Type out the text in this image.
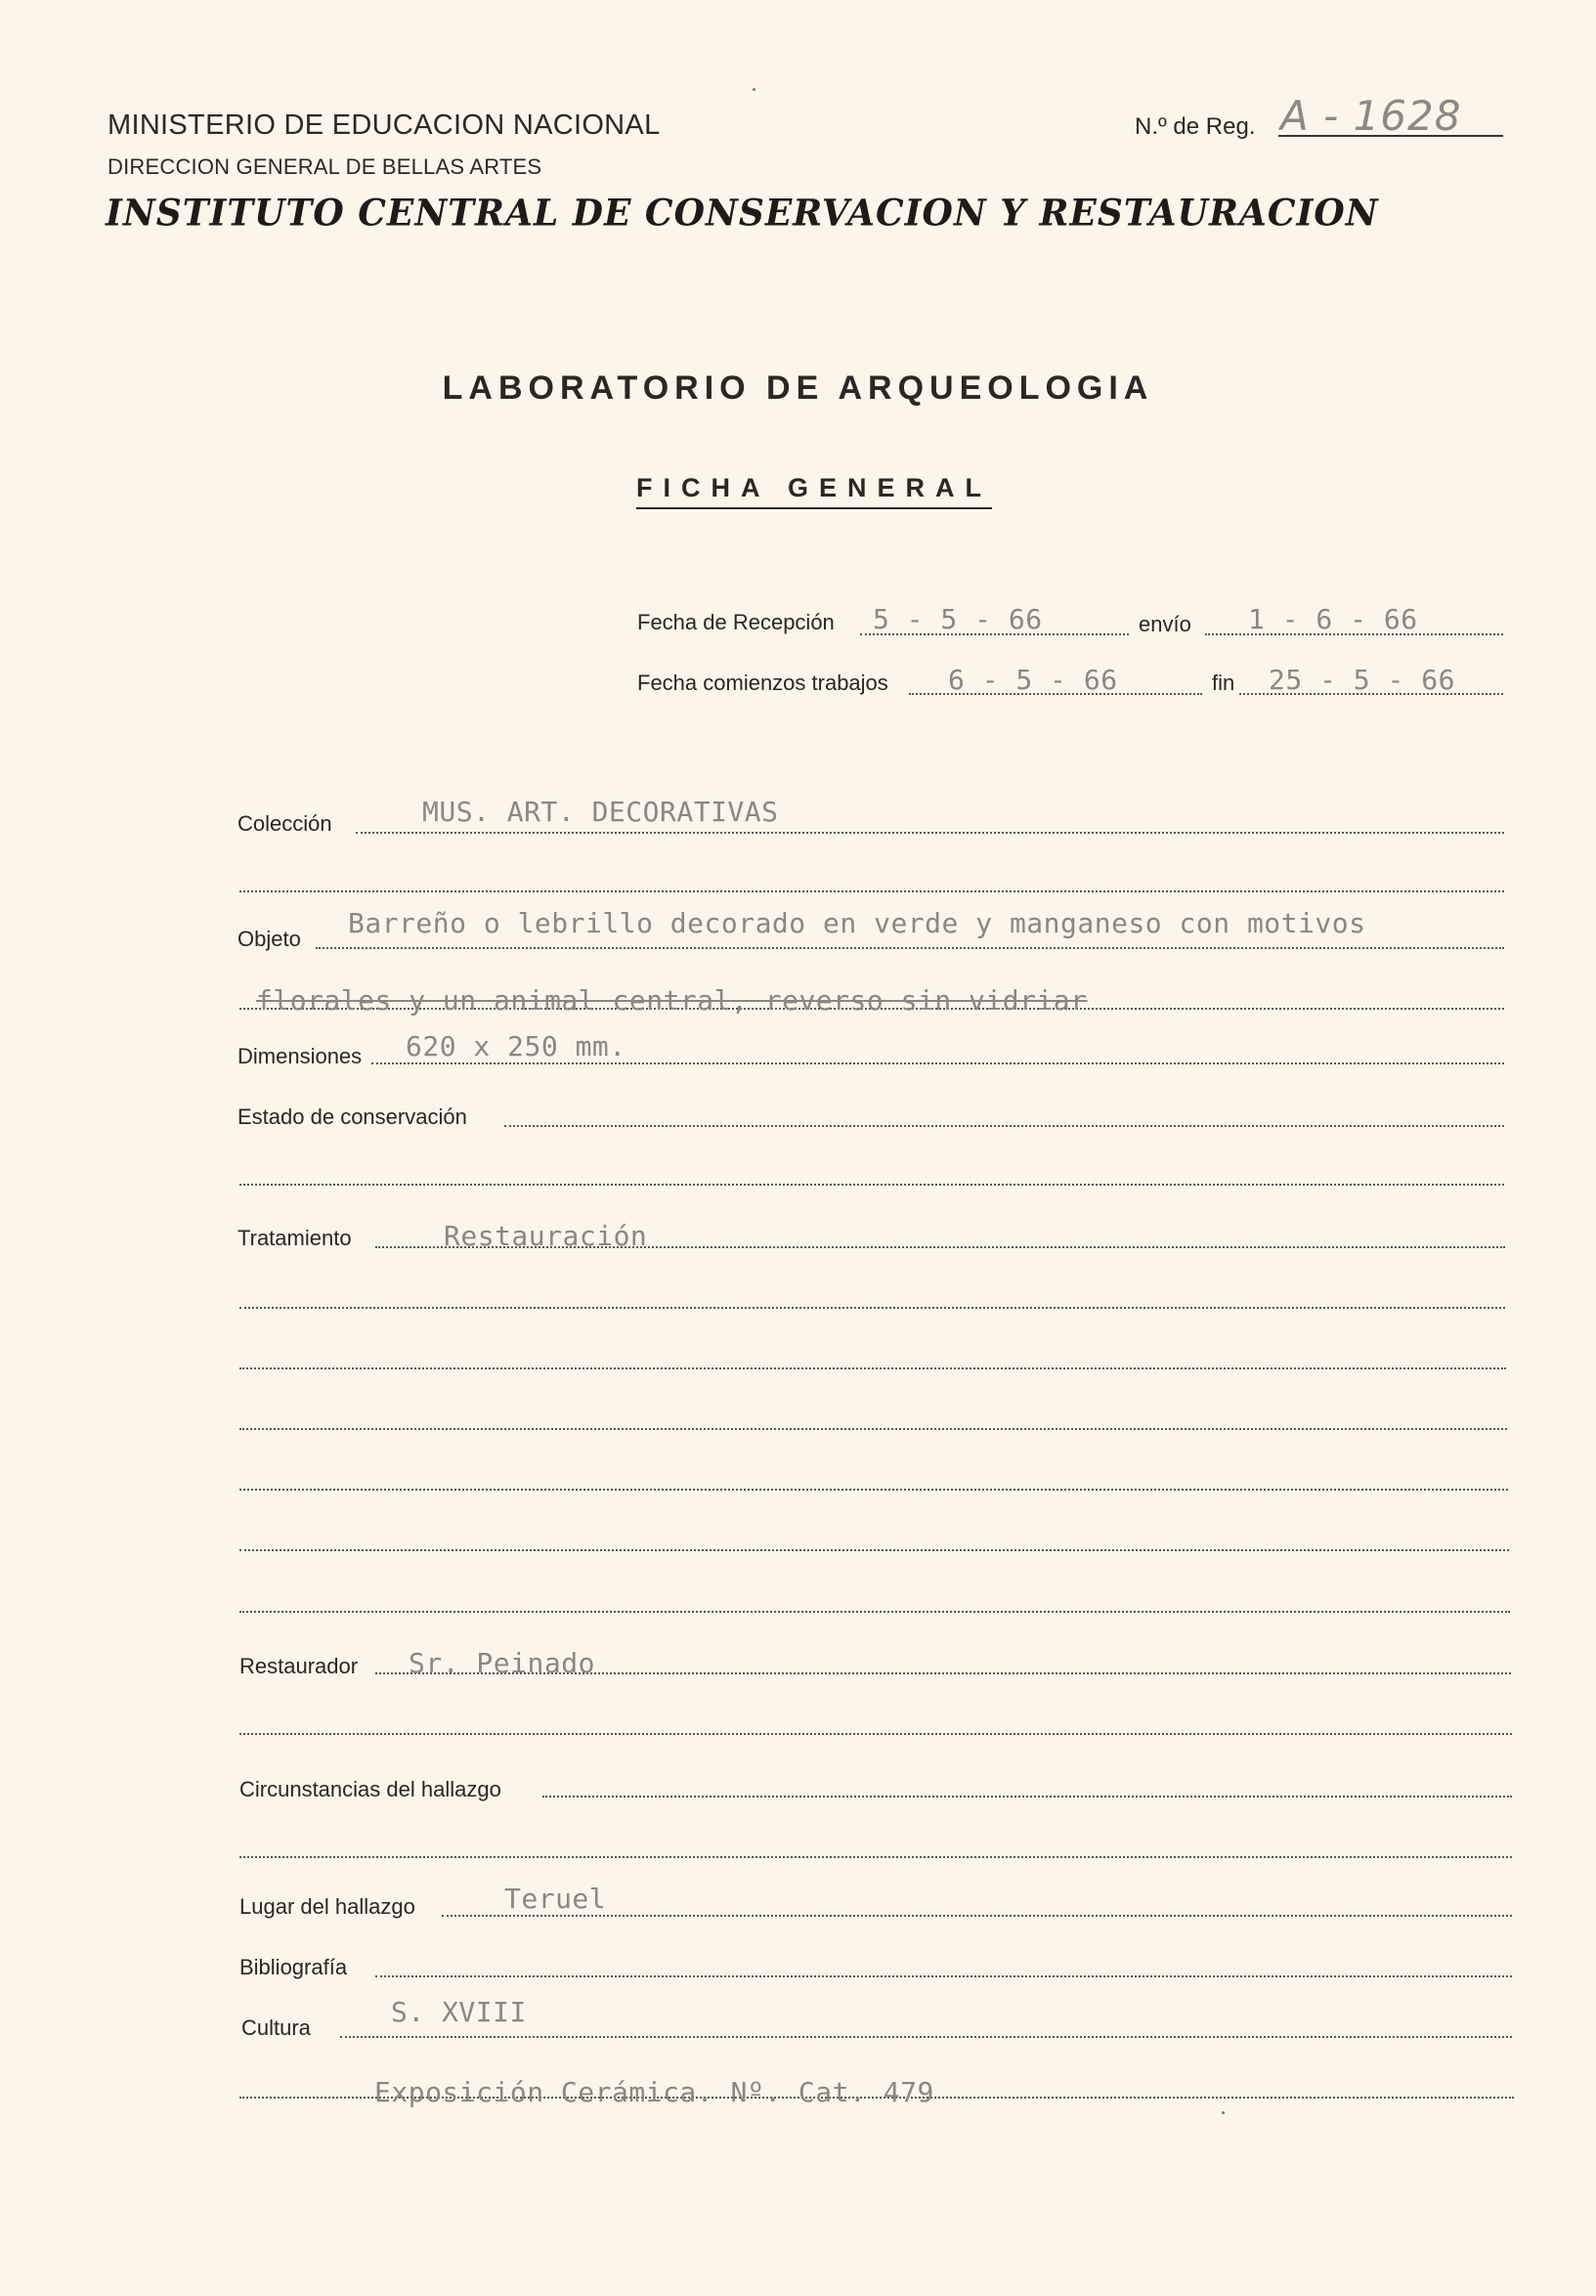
MINISTERIO DE EDUCACION NACIONAL
DIRECCION GENERAL DE BELLAS ARTES
INSTITUTO CENTRAL DE CONSERVACION Y RESTAURACION
N.º de Reg. A - 1628
LABORATORIO DE ARQUEOLOGIA
FICHA GENERAL
Fecha de Recepción 5 - 5 - 66	envío 1 - 6 - 66
Fecha comienzos trabajos 6 - 5 - 66	fin 25 - 5 - 66
Colección	MUS. ART. DECORATIVAS
Objeto Barreño o lebrillo decorado en verde y manganeso con motivos
florales y un animal central, reverso sin vidriar
Dimensiones 620 x 250 mm.
Estado de conservación
Tratamiento	Restauración
Restaurador Sr. Peinado
Circunstancias del hallazgo
Lugar del hallazgo	Teruel
Bibliografía
Cultura	S. XVIII
Exposición Cerámica. Nº. Cat. 479
